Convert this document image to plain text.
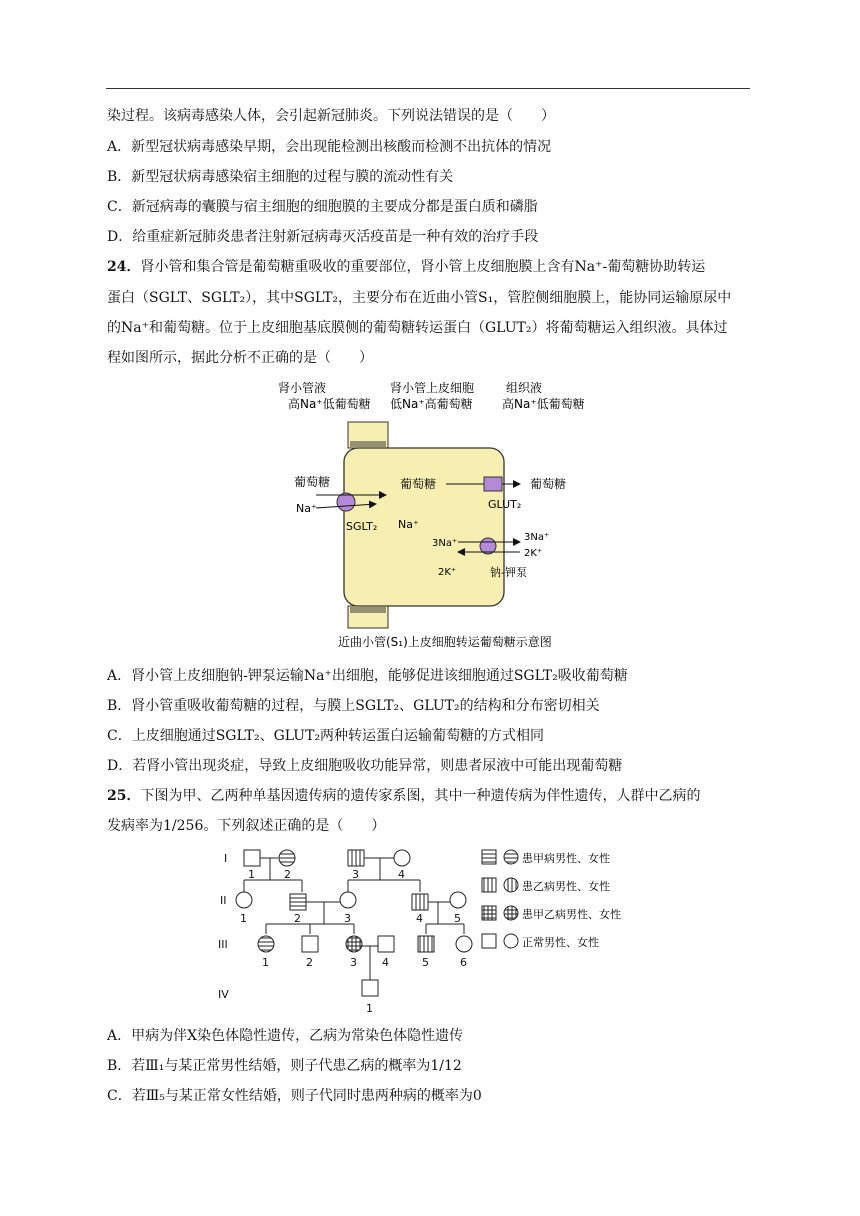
染过程。该病毒感染人体，会引起新冠肺炎。下列说法错误的是（　　）
A．新型冠状病毒感染早期，会出现能检测出核酸而检测不出抗体的情况
B．新型冠状病毒感染宿主细胞的过程与膜的流动性有关
C．新冠病毒的囊膜与宿主细胞的细胞膜的主要成分都是蛋白质和磷脂
D．给重症新冠肺炎患者注射新冠病毒灭活疫苗是一种有效的治疗手段
24．肾小管和集合管是葡萄糖重吸收的重要部位，肾小管上皮细胞膜上含有Na⁺-葡萄糖协助转运
蛋白（SGLT、SGLT₂），其中SGLT₂，主要分布在近曲小管S₁，管腔侧细胞膜上，能协同运输原尿中
的Na⁺和葡萄糖。位于上皮细胞基底膜侧的葡萄糖转运蛋白（GLUT₂）将葡萄糖运入组织液。具体过
程如图所示，据此分析不正确的是（　　）
肾小管液
高Na⁺低葡萄糖
肾小管上皮细胞
低Na⁺高葡萄糖
组织液
高Na⁺低葡萄糖
葡萄糖
Na⁺
SGLT₂ Na⁺
葡萄糖	葡萄糖
GLUT₂
3Na⁺
2K⁺
3Na⁺
2K⁺
钠-钾泵
近曲小管(S₁)上皮细胞转运葡萄糖示意图
A．肾小管上皮细胞钠-钾泵运输Na⁺出细胞，能够促进该细胞通过SGLT₂吸收葡萄糖
B．肾小管重吸收葡萄糖的过程，与膜上SGLT₂、GLUT₂的结构和分布密切相关
C．上皮细胞通过SGLT₂、GLUT₂两种转运蛋白运输葡萄糖的方式相同
D．若肾小管出现炎症，导致上皮细胞吸收功能异常，则患者尿液中可能出现葡萄糖
25．下图为甲、乙两种单基因遗传病的遗传家系图，其中一种遗传病为伴性遗传，人群中乙病的
发病率为1/256。下列叙述正确的是（　　）
I
II
III
IV
1	2	3	4
1	2	3	4	5
1	2	3 4	5	6
1
患甲病男性、女性
患乙病男性、女性
患甲乙病男性、女性
正常男性、女性
A．甲病为伴X染色体隐性遗传，乙病为常染色体隐性遗传
B．若Ⅲ₁与某正常男性结婚，则子代患乙病的概率为1/12
C．若Ⅲ₅与某正常女性结婚，则子代同时患两种病的概率为0
